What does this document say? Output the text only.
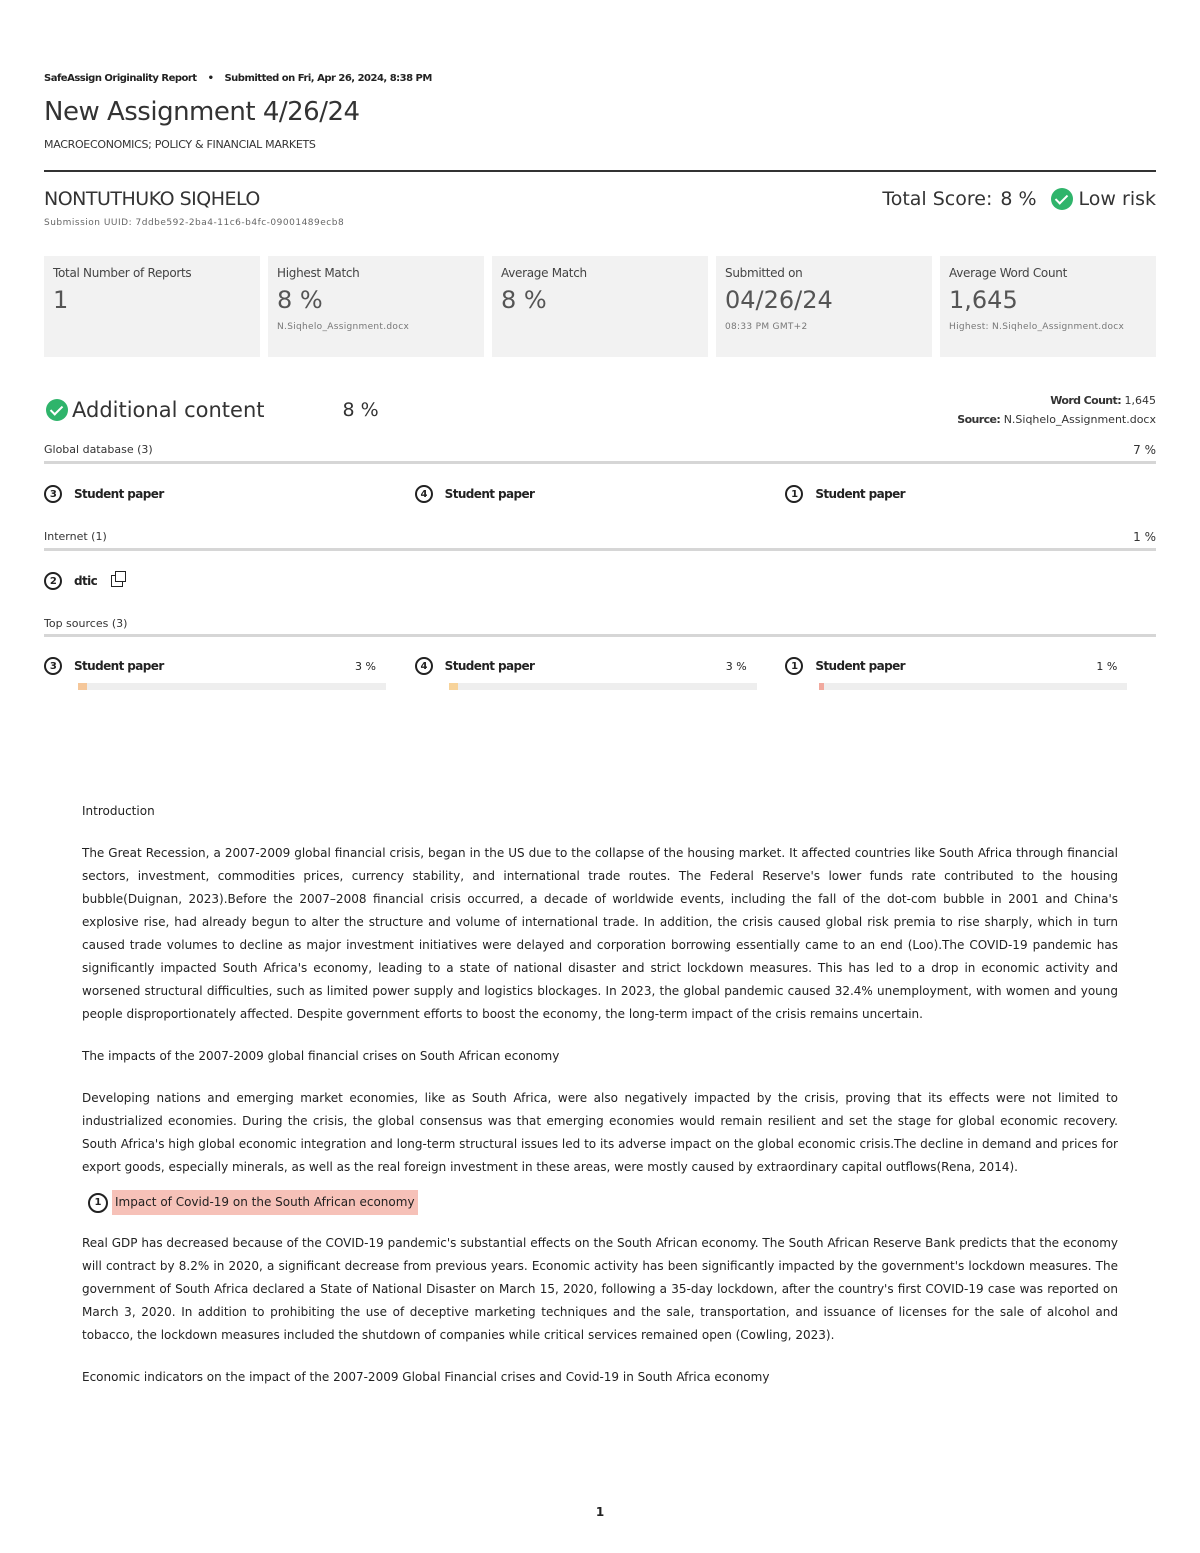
SafeAssign Originality Report • Submitted on Fri, Apr 26, 2024, 8:38 PM
New Assignment 4/26/24
MACROECONOMICS; POLICY & FINANCIAL MARKETS
NONTUTHUKO SIQHELO
Submission UUID: 7ddbe592-2ba4-11c6-b4fc-09001489ecb8
Total Score: 8 % Low risk
Total Number of Reports
1
Highest Match
8 %
N.Siqhelo_Assignment.docx
Average Match
8 %
Submitted on
04/26/24
08:33 PM GMT+2
Average Word Count
1,645
Highest: N.Siqhelo_Assignment.docx
Additional content	8 %	Word Count: 1,645
Source: N.Siqhelo_Assignment.docx
Global database (3)	7 %
3	Student paper	4	Student paper	1	Student paper
Internet (1)	1 %
2	dtic
Top sources (3)
3	Student paper	3 %	4	Student paper	3 %	1	Student paper	1 %
Introduction

The Great Recession, a 2007-2009 global financial crisis, began in the US due to the collapse of the housing market. It affected countries like South Africa through financial sectors, investment, commodities prices, currency stability, and international trade routes. The Federal Reserve's lower funds rate contributed to the housing bubble(Duignan, 2023).Before the 2007–2008 financial crisis occurred, a decade of worldwide events, including the fall of the dot-com bubble in 2001 and China's explosive rise, had already begun to alter the structure and volume of international trade. In addition, the crisis caused global risk premia to rise sharply, which in turn caused trade volumes to decline as major investment initiatives were delayed and corporation borrowing essentially came to an end (Loo).The COVID-19 pandemic has significantly impacted South Africa's economy, leading to a state of national disaster and strict lockdown measures. This has led to a drop in economic activity and worsened structural difficulties, such as limited power supply and logistics blockages. In 2023, the global pandemic caused 32.4% unemployment, with women and young people disproportionately affected. Despite government efforts to boost the economy, the long-term impact of the crisis remains uncertain.

The impacts of the 2007-2009 global financial crises on South African economy

Developing nations and emerging market economies, like as South Africa, were also negatively impacted by the crisis, proving that its effects were not limited to industrialized economies. During the crisis, the global consensus was that emerging economies would remain resilient and set the stage for global economic recovery. South Africa's high global economic integration and long-term structural issues led to its adverse impact on the global economic crisis.The decline in demand and prices for export goods, especially minerals, as well as the real foreign investment in these areas, were mostly caused by extraordinary capital outflows(Rena, 2014).

1	Impact of Covid-19 on the South African economy

Real GDP has decreased because of the COVID-19 pandemic's substantial effects on the South African economy. The South African Reserve Bank predicts that the economy will contract by 8.2% in 2020, a significant decrease from previous years. Economic activity has been significantly impacted by the government's lockdown measures. The government of South Africa declared a State of National Disaster on March 15, 2020, following a 35-day lockdown, after the country's first COVID-19 case was reported on March 3, 2020. In addition to prohibiting the use of deceptive marketing techniques and the sale, transportation, and issuance of licenses for the sale of alcohol and tobacco, the lockdown measures included the shutdown of companies while critical services remained open (Cowling, 2023).

Economic indicators on the impact of the 2007-2009 Global Financial crises and Covid-19 in South Africa economy
1
